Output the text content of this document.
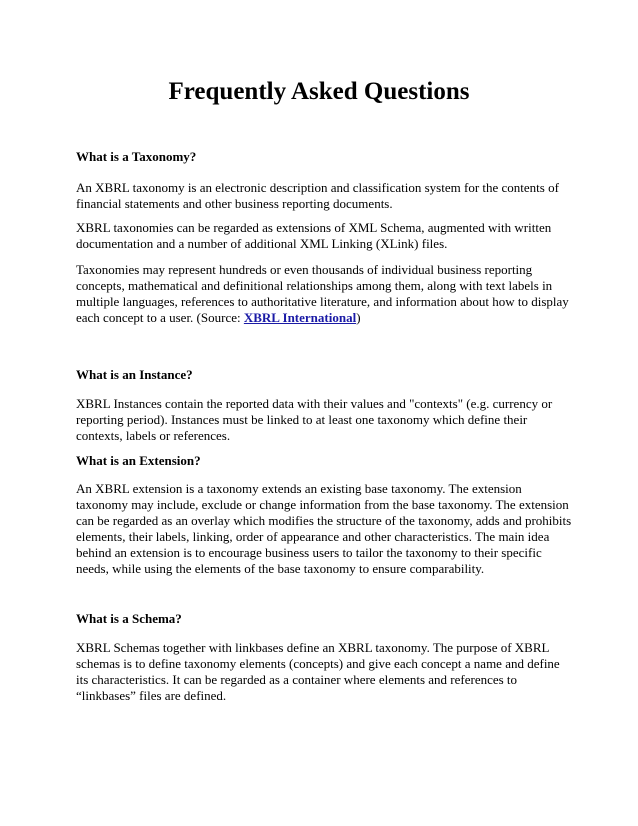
Frequently Asked Questions

What is a Taxonomy?

An XBRL taxonomy is an electronic description and classification system for the contents of financial statements and other business reporting documents.

XBRL taxonomies can be regarded as extensions of XML Schema, augmented with written documentation and a number of additional XML Linking (XLink) files.

Taxonomies may represent hundreds or even thousands of individual business reporting concepts, mathematical and definitional relationships among them, along with text labels in multiple languages, references to authoritative literature, and information about how to display each concept to a user. (Source: XBRL International)

What is an Instance?

XBRL Instances contain the reported data with their values and "contexts" (e.g. currency or reporting period). Instances must be linked to at least one taxonomy which define their contexts, labels or references.

What is an Extension?

An XBRL extension is a taxonomy extends an existing base taxonomy. The extension taxonomy may include, exclude or change information from the base taxonomy. The extension can be regarded as an overlay which modifies the structure of the taxonomy, adds and prohibits elements, their labels, linking, order of appearance and other characteristics. The main idea behind an extension is to encourage business users to tailor the taxonomy to their specific needs, while using the elements of the base taxonomy to ensure comparability.

What is a Schema?

XBRL Schemas together with linkbases define an XBRL taxonomy. The purpose of XBRL schemas is to define taxonomy elements (concepts) and give each concept a name and define its characteristics. It can be regarded as a container where elements and references to “linkbases” files are defined.
